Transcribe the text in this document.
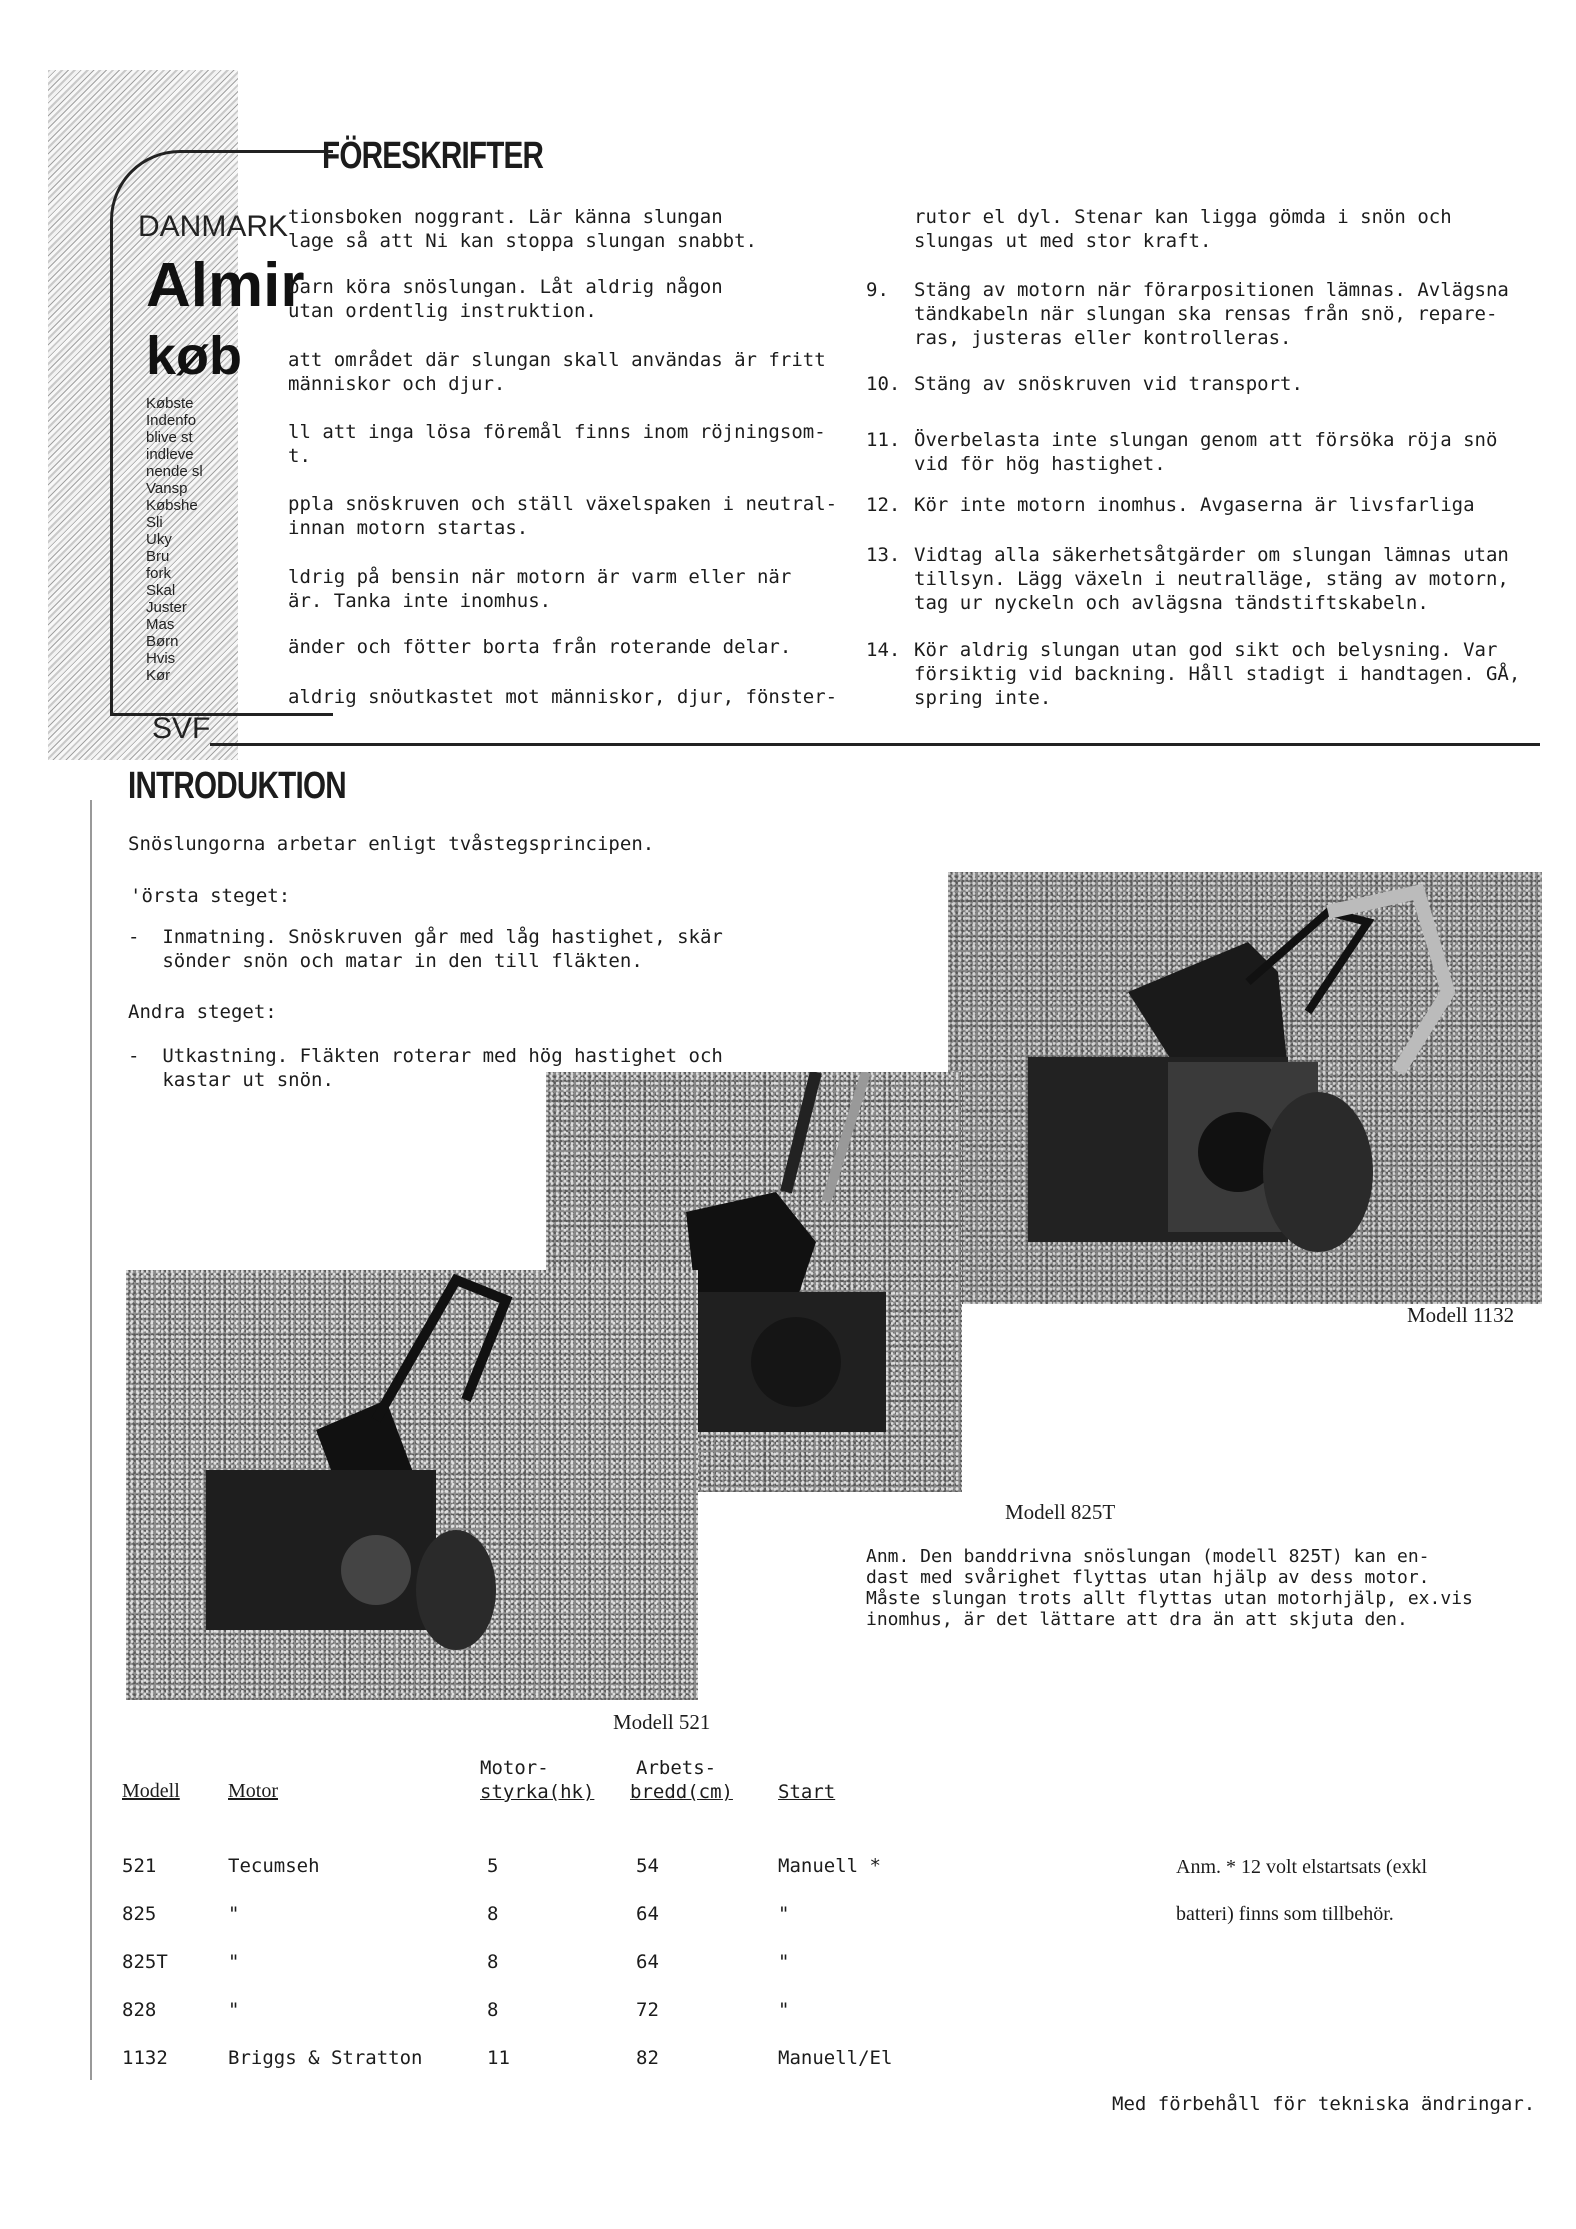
DANMARK
Almir
køb
Købste
Indenfo
blive st
indleve
nende sl
Vansp
Købshe
Sli
Uky
Bru
fork
Skal
Juster
Mas
Børn
Hvis
Kør
SVF
FÖRESKRIFTER
tionsboken noggrant. Lär känna slungan
lage så att Ni kan stoppa slungan snabbt.
barn köra snöslungan. Låt aldrig någon
utan ordentlig instruktion.
att området där slungan skall användas är fritt
människor och djur.
ll att inga lösa föremål finns inom röjningsom-
t.
ppla snöskruven och ställ växelspaken i neutral-
innan motorn startas.
ldrig på bensin när motorn är varm eller när
är. Tanka inte inomhus.
änder och fötter borta från roterande delar.
aldrig snöutkastet mot människor, djur, fönster-
rutor el dyl. Stenar kan ligga gömda i snön och
slungas ut med stor kraft.
9.	Stäng av motorn när förarpositionen lämnas. Avlägsna
tändkabeln när slungan ska rensas från snö, repare-
ras, justeras eller kontrolleras.
10. Stäng av snöskruven vid transport.
11. Överbelasta inte slungan genom att försöka röja snö
vid för hög hastighet.
12. Kör inte motorn inomhus. Avgaserna är livsfarliga
13. Vidtag alla säkerhetsåtgärder om slungan lämnas utan
tillsyn. Lägg växeln i neutralläge, stäng av motorn,
tag ur nyckeln och avlägsna tändstiftskabeln.
14. Kör aldrig slungan utan god sikt och belysning. Var
försiktig vid backning. Håll stadigt i handtagen. GÅ,
spring inte.
INTRODUKTION
Snöslungorna arbetar enligt tvåstegsprincipen.
'örsta steget:
-  Inmatning. Snöskruven går med låg hastighet, skär
sönder snön och matar in den till fläkten.
Andra steget:
-  Utkastning. Fläkten roterar med hög hastighet och
kastar ut snön.
Modell 1132
Modell 825T
Modell 521
Anm. Den banddrivna snöslungan (modell 825T) kan en-
dast med svårighet flyttas utan hjälp av dess motor.
Måste slungan trots allt flyttas utan motorhjälp, ex.vis
inomhus, är det lättare att dra än att skjuta den.
Modell Motor
Motor-
styrka(hk)
Arbets-
bredd(cm) Start
521	Tecumseh	5	54	Manuell *
825	"	8	64	"
825T	"	8	64	"
828	"	8	72	"
1132	Briggs & Stratton	11	82	Manuell/El
Anm. * 12 volt elstartsats (exkl
batteri) finns som tillbehör.
Med förbehåll för tekniska ändringar.
